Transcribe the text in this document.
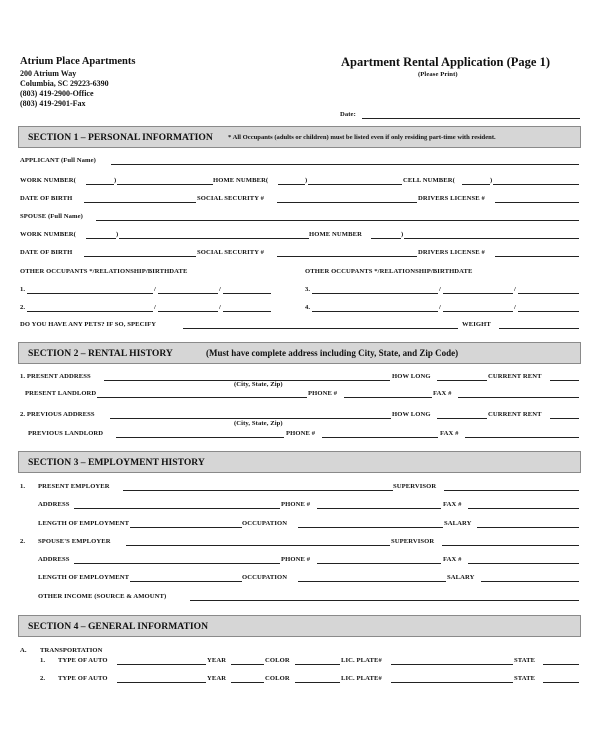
Atrium Place Apartments
200 Atrium Way
Columbia, SC 29223-6390
(803) 419-2900-Office
(803) 419-2901-Fax
Apartment Rental Application (Page 1)
(Please Print)
Date:
SECTION 1 – PERSONAL INFORMATION * All Occupants (adults or children) must be listed even if only residing part-time with resident.
APPLICANT (Full Name)
WORK NUMBER(	)	HOME NUMBER(	)	CELL NUMBER(	)
DATE OF BIRTH	SOCIAL SECURITY #	DRIVERS LICENSE #
SPOUSE (Full Name)
WORK NUMBER(	)	HOME NUMBER	)
DATE OF BIRTH	SOCIAL SECURITY #	DRIVERS LICENSE #
OTHER OCCUPANTS */RELATIONSHIP/BIRTHDATE	OTHER OCCUPANTS */RELATIONSHIP/BIRTHDATE
1.	/	/	3.	/	/
2.	/	/	4.	/	/
DO YOU HAVE ANY PETS? IF SO, SPECIFY	WEIGHT
SECTION 2 – RENTAL HISTORY	(Must have complete address including City, State, and Zip Code)
1. PRESENT ADDRESS	HOW LONG	CURRENT RENT
(City, State, Zip)
PRESENT LANDLORD	PHONE #	FAX #
2. PREVIOUS ADDRESS	HOW LONG	CURRENT RENT
(City, State, Zip)
PREVIOUS LANDLORD	PHONE #	FAX #
SECTION 3 – EMPLOYMENT HISTORY
1. PRESENT EMPLOYER	SUPERVISOR
ADDRESS	PHONE #	FAX #
LENGTH OF EMPLOYMENT	OCCUPATION	SALARY
2. SPOUSE'S EMPLOYER	SUPERVISOR
ADDRESS	PHONE #	FAX #
LENGTH OF EMPLOYMENT	OCCUPATION	SALARY
OTHER INCOME (SOURCE & AMOUNT)
SECTION 4 – GENERAL INFORMATION
A. TRANSPORTATION
1. TYPE OF AUTO	YEAR	COLOR	LIC. PLATE#	STATE
2. TYPE OF AUTO	YEAR	COLOR	LIC. PLATE#	STATE
